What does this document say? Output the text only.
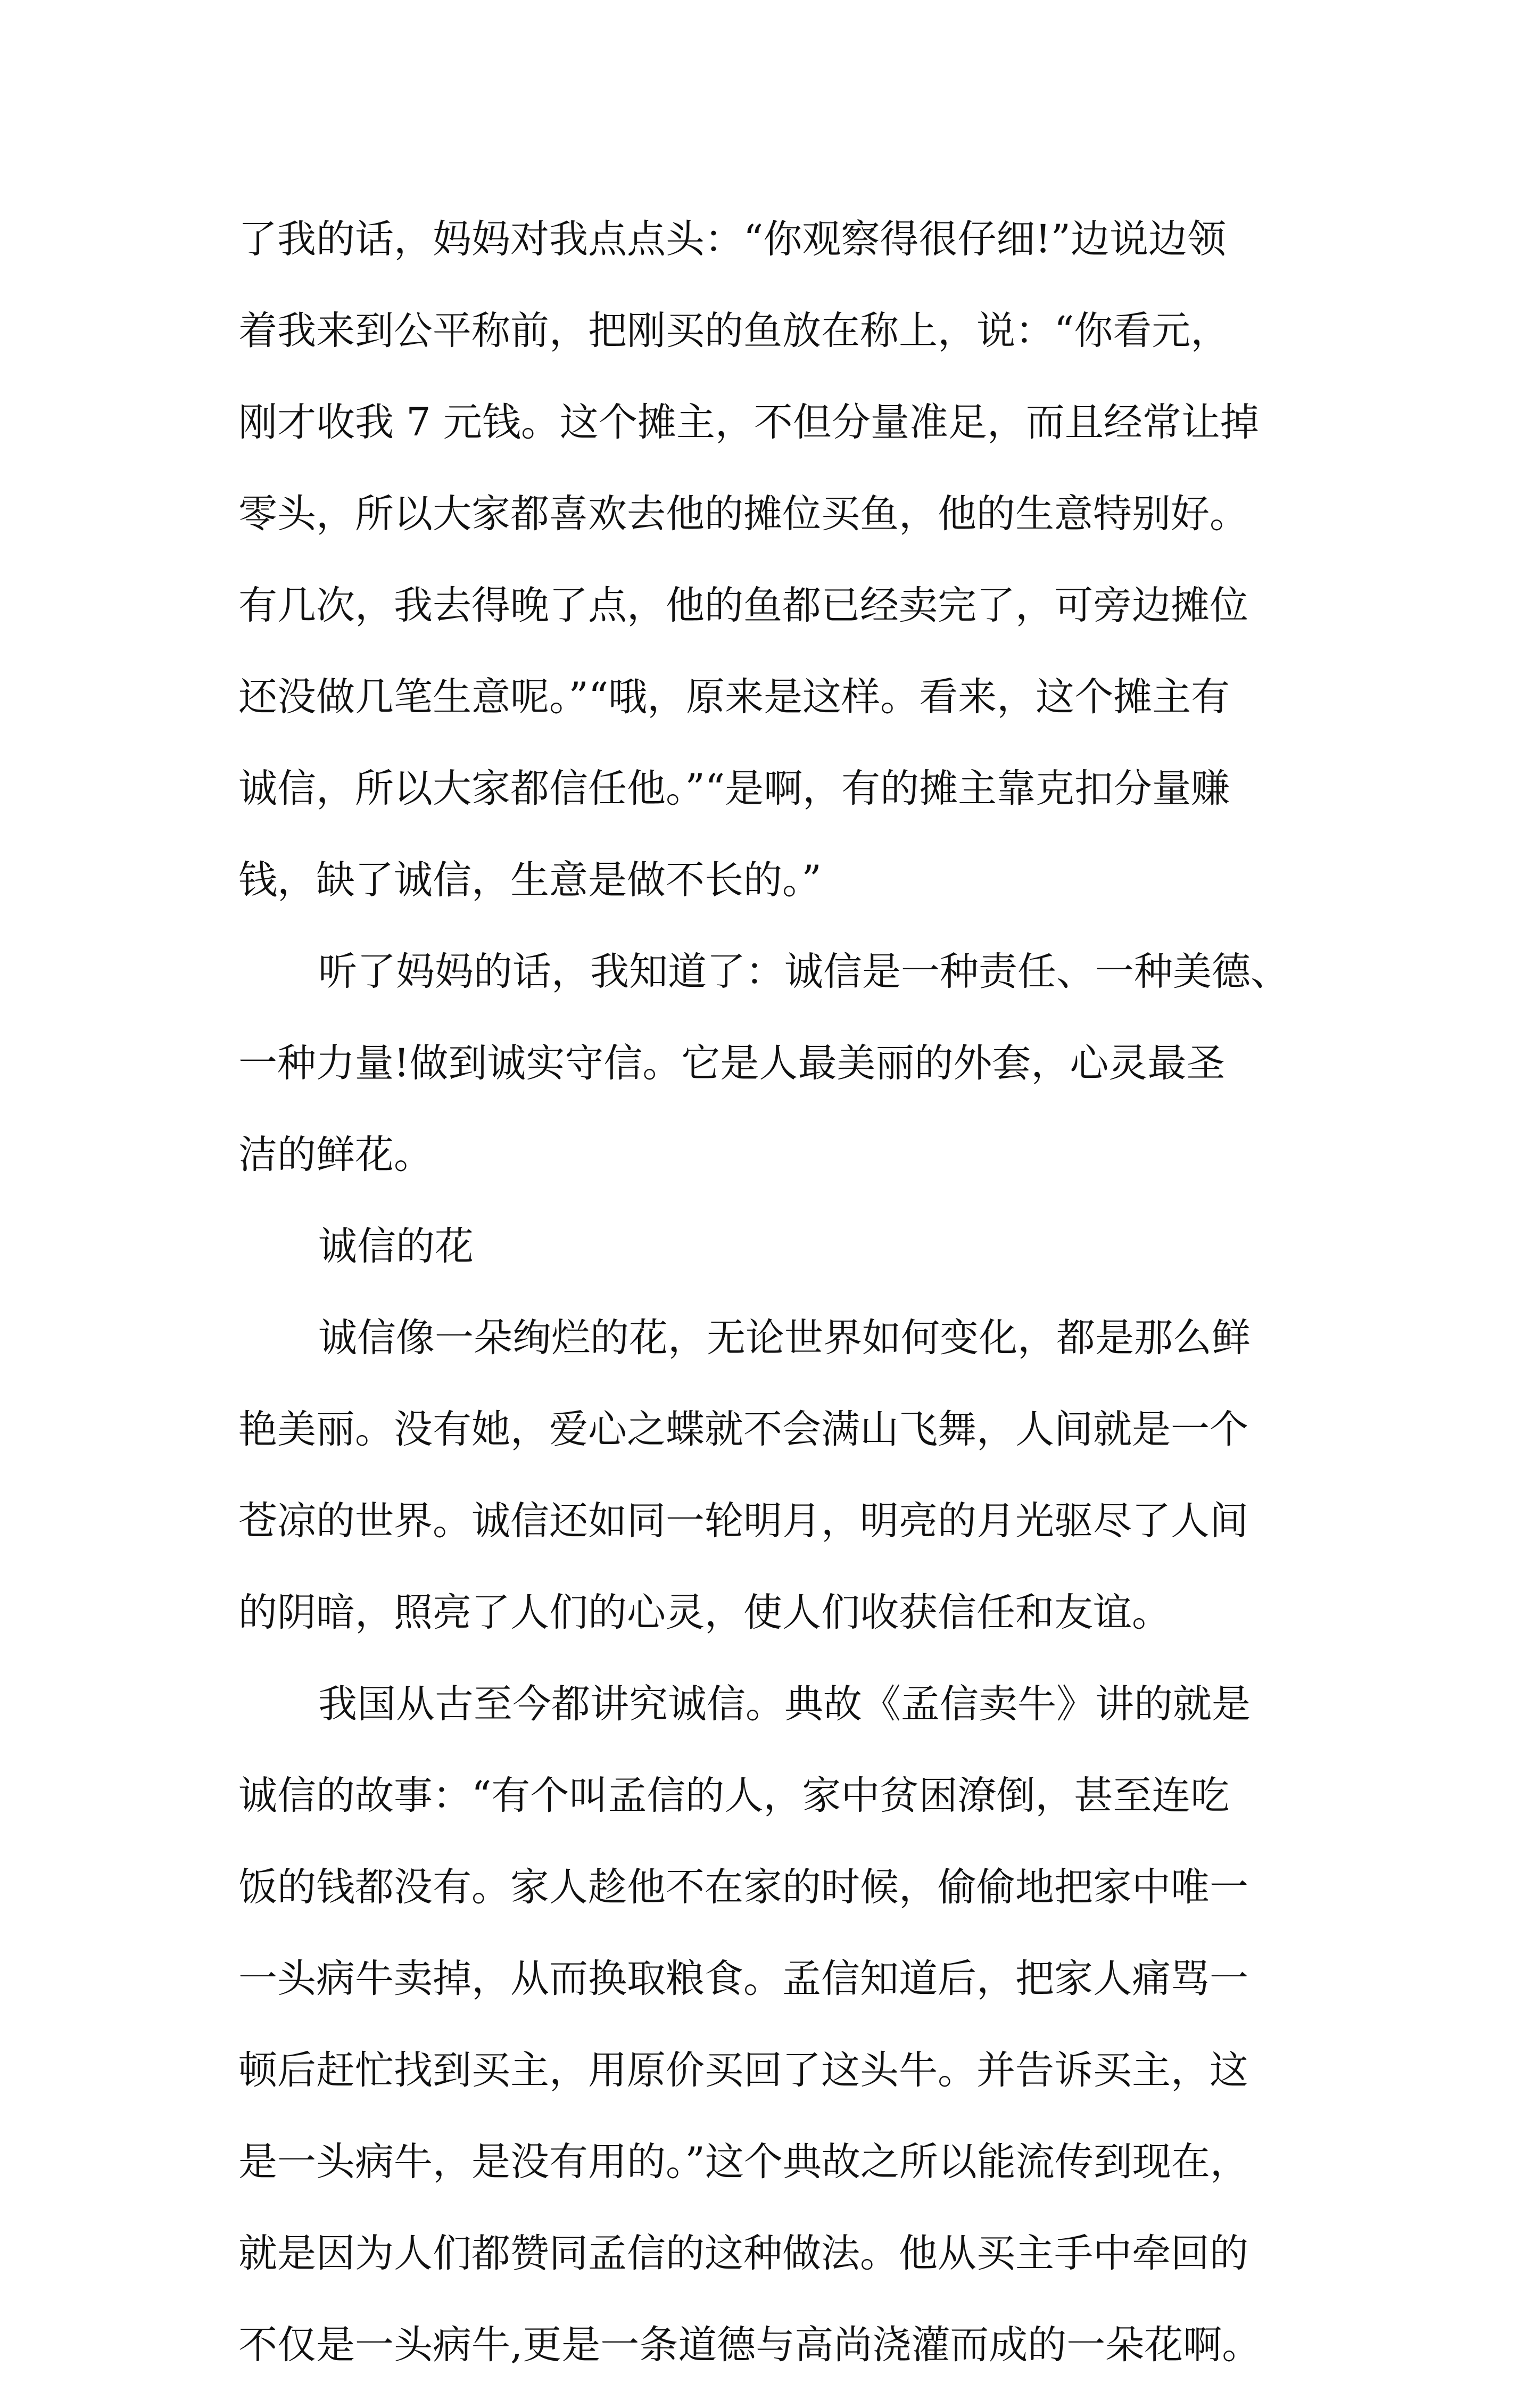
了我的话，妈妈对我点点头：“你观察得很仔细!”边说边领
着我来到公平称前，把刚买的鱼放在称上，说：“你看元，
刚才收我 7 元钱。这个摊主，不但分量准足，而且经常让掉
零头，所以大家都喜欢去他的摊位买鱼，他的生意特别好。
有几次，我去得晚了点，他的鱼都已经卖完了，可旁边摊位
还没做几笔生意呢。”“哦，原来是这样。看来，这个摊主有
诚信，所以大家都信任他。”“是啊，有的摊主靠克扣分量赚
钱，缺了诚信，生意是做不长的。”
听了妈妈的话，我知道了：诚信是一种责任、一种美德、
一种力量!做到诚实守信。它是人最美丽的外套，心灵最圣
洁的鲜花。
诚信的花
诚信像一朵绚烂的花，无论世界如何变化，都是那么鲜
艳美丽。没有她，爱心之蝶就不会满山飞舞，人间就是一个
苍凉的世界。诚信还如同一轮明月，明亮的月光驱尽了人间
的阴暗，照亮了人们的心灵，使人们收获信任和友谊。
我国从古至今都讲究诚信。典故《孟信卖牛》讲的就是
诚信的故事：“有个叫孟信的人，家中贫困潦倒，甚至连吃
饭的钱都没有。家人趁他不在家的时候，偷偷地把家中唯一
一头病牛卖掉，从而换取粮食。孟信知道后，把家人痛骂一
顿后赶忙找到买主，用原价买回了这头牛。并告诉买主，这
是一头病牛，是没有用的。”这个典故之所以能流传到现在，
就是因为人们都赞同孟信的这种做法。他从买主手中牵回的
不仅是一头病牛,更是一条道德与高尚浇灌而成的一朵花啊。
